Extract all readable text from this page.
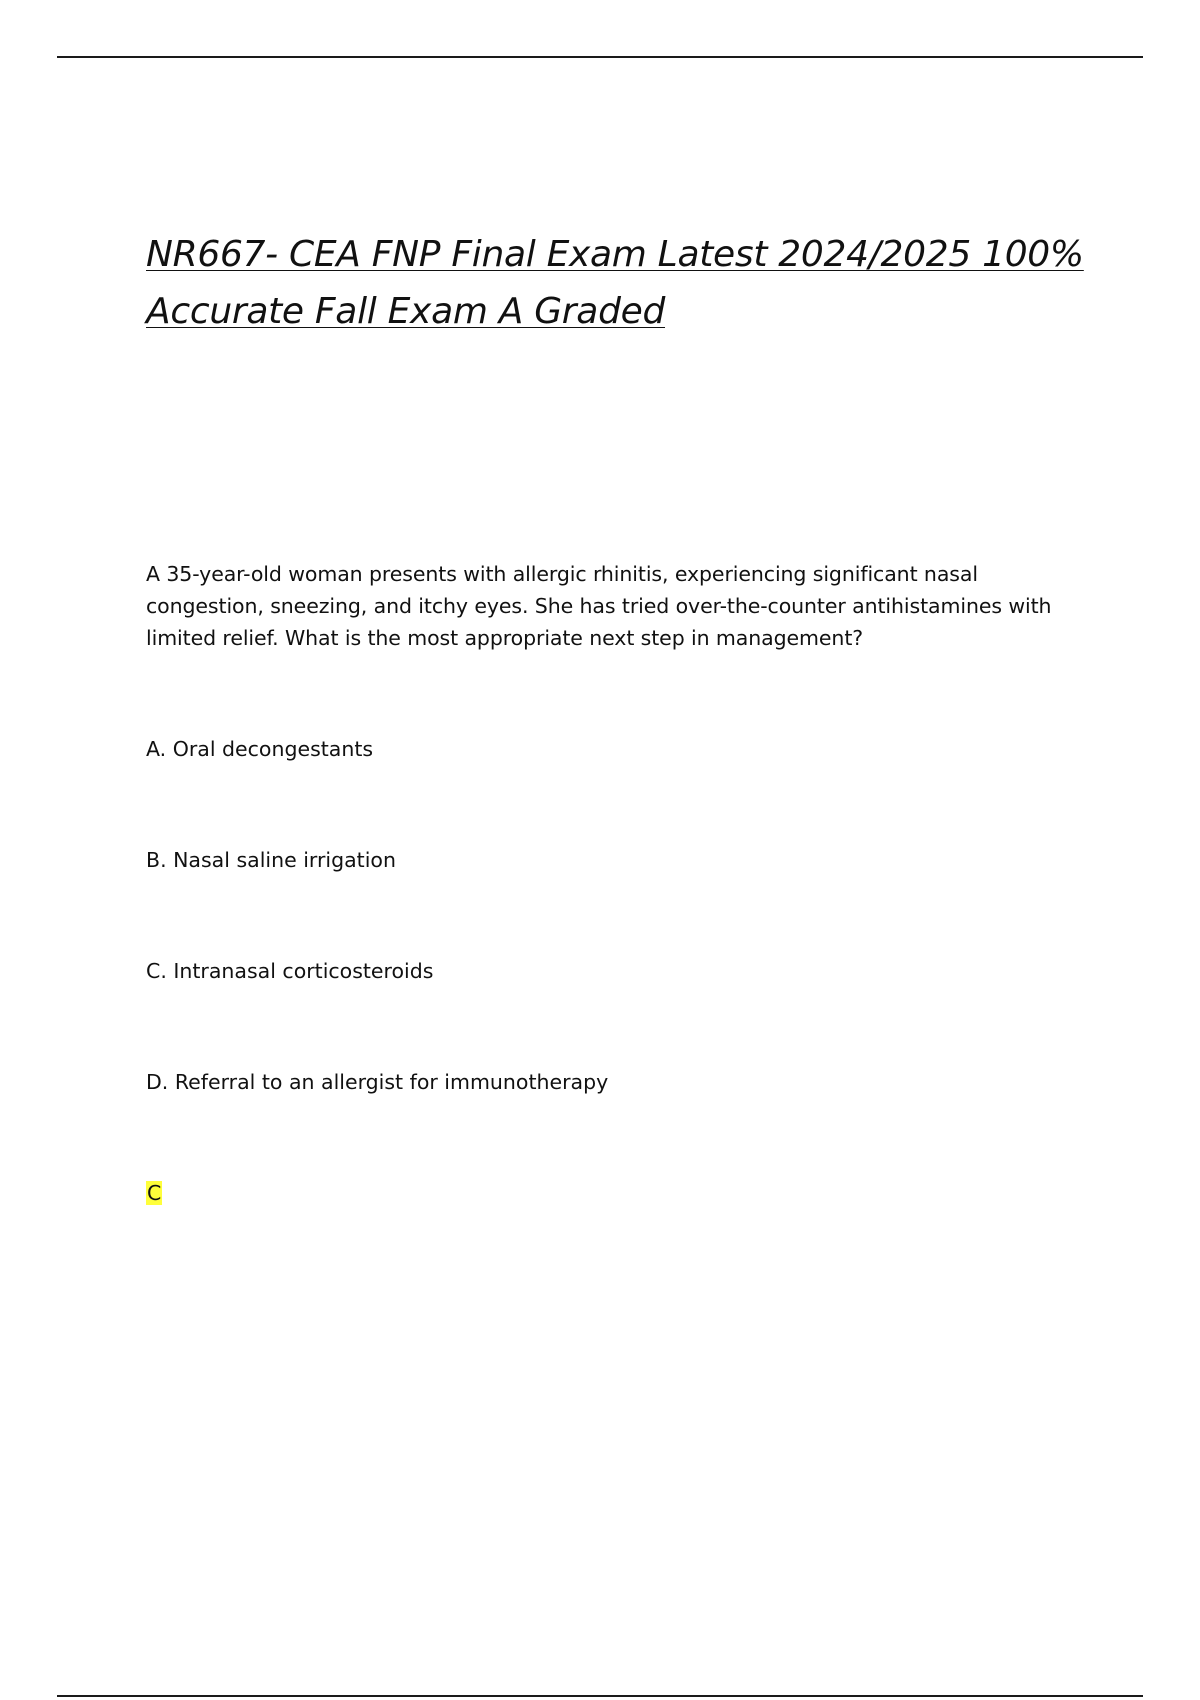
NR667- CEA FNP Final Exam Latest 2024/2025 100% Accurate Fall Exam A Graded

A 35-year-old woman presents with allergic rhinitis, experiencing significant nasal congestion, sneezing, and itchy eyes. She has tried over-the-counter antihistamines with limited relief. What is the most appropriate next step in management?

A. Oral decongestants

B. Nasal saline irrigation

C. Intranasal corticosteroids

D. Referral to an allergist for immunotherapy

C
